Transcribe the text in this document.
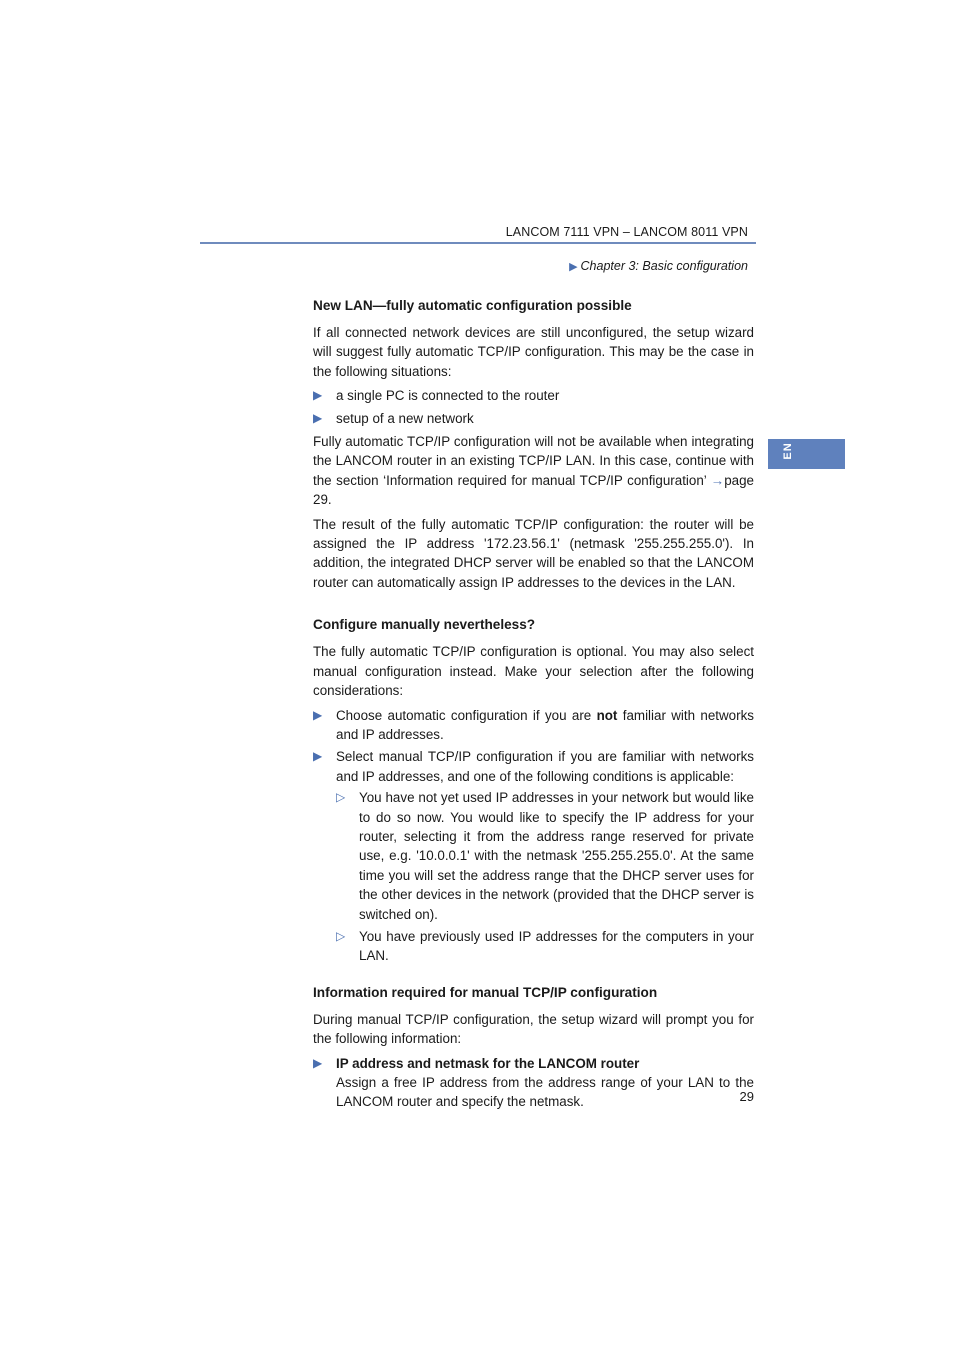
LANCOM 7111 VPN – LANCOM 8011 VPN
▶ Chapter 3: Basic configuration
EN
New LAN—fully automatic configuration possible

If all connected network devices are still unconfigured, the setup wizard will suggest fully automatic TCP/IP configuration. This may be the case in the following situations:

▶ a single PC is connected to the router
▶ setup of a new network

Fully automatic TCP/IP configuration will not be available when integrating the LANCOM router in an existing TCP/IP LAN. In this case, continue with the section ‘Information required for manual TCP/IP configuration’ →page 29.

The result of the fully automatic TCP/IP configuration: the router will be assigned the IP address '172.23.56.1' (netmask '255.255.255.0'). In addition, the integrated DHCP server will be enabled so that the LANCOM router can automatically assign IP addresses to the devices in the LAN.

Configure manually nevertheless?

The fully automatic TCP/IP configuration is optional. You may also select manual configuration instead. Make your selection after the following considerations:

▶ Choose automatic configuration if you are not familiar with networks and IP addresses.
▶ Select manual TCP/IP configuration if you are familiar with networks and IP addresses, and one of the following conditions is applicable:
▷ You have not yet used IP addresses in your network but would like to do so now. You would like to specify the IP address for your router, selecting it from the address range reserved for private use, e.g. '10.0.0.1' with the netmask '255.255.255.0'. At the same time you will set the address range that the DHCP server uses for the other devices in the network (provided that the DHCP server is switched on).
▷ You have previously used IP addresses for the computers in your LAN.
Information required for manual TCP/IP configuration

During manual TCP/IP configuration, the setup wizard will prompt you for the following information:

▶ IP address and netmask for the LANCOM router
Assign a free IP address from the address range of your LAN to the LANCOM router and specify the netmask.	29
